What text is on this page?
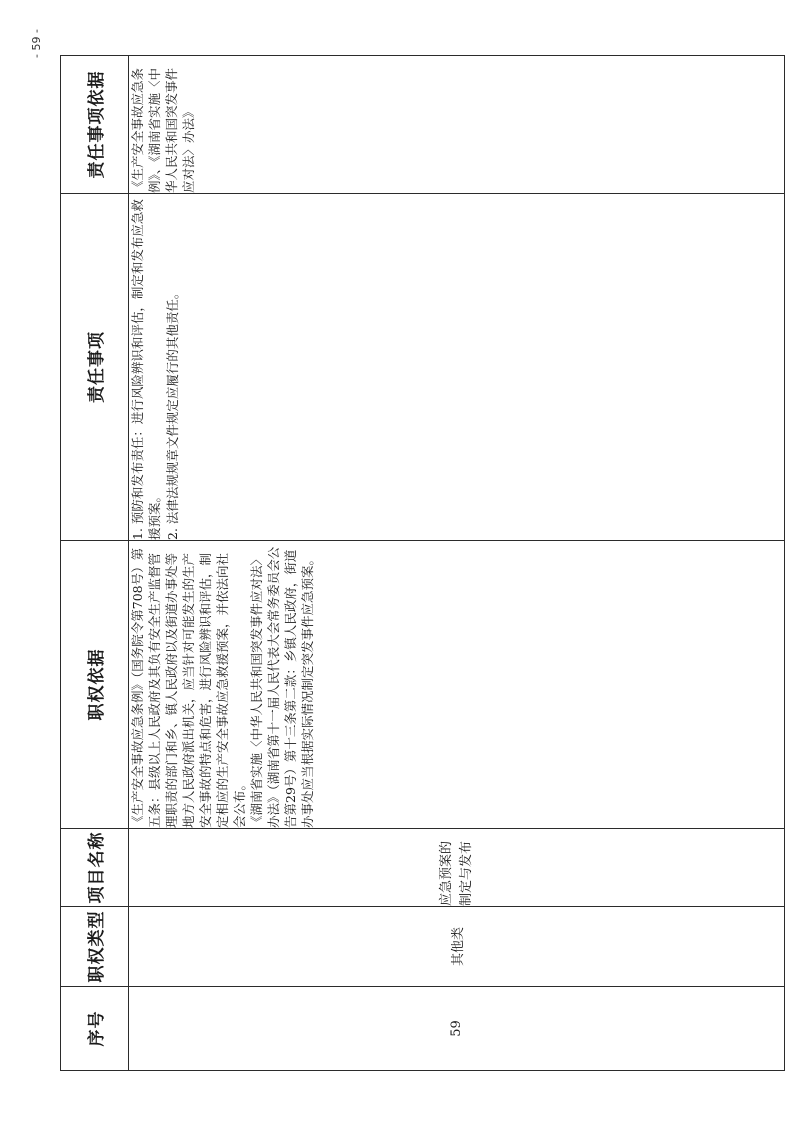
- 59 -
序号	职权类型	项目名称	职权依据	责任事项	责任事项依据
59	其他类	应急预案的制定与发布	《生产安全事故应急条例》（国务院令第708号）第五条：县级以上人民政府及其负有安全生产监督管理职责的部门和乡、镇人民政府以及街道办事处等地方人民政府派出机关，应当针对可能发生的生产安全事故的特点和危害，进行风险辨识和评估，制定相应的生产安全事故应急救援预案，并依法向社会公布。 《湖南省实施〈中华人民共和国突发事件应对法〉办法》（湖南省第十一届人民代表大会常务委员会公告第29号）第十三条第二款：乡镇人民政府，街道办事处应当根据实际情况制定突发事件应急预案。	1. 预防和发布责任：进行风险辨识和评估，制定和发布应急救援预案。 2. 法律法规规章文件规定应履行的其他责任。	《生产安全事故应急条例》、《湖南省实施〈中华人民共和国突发事件应对法〉办法》
